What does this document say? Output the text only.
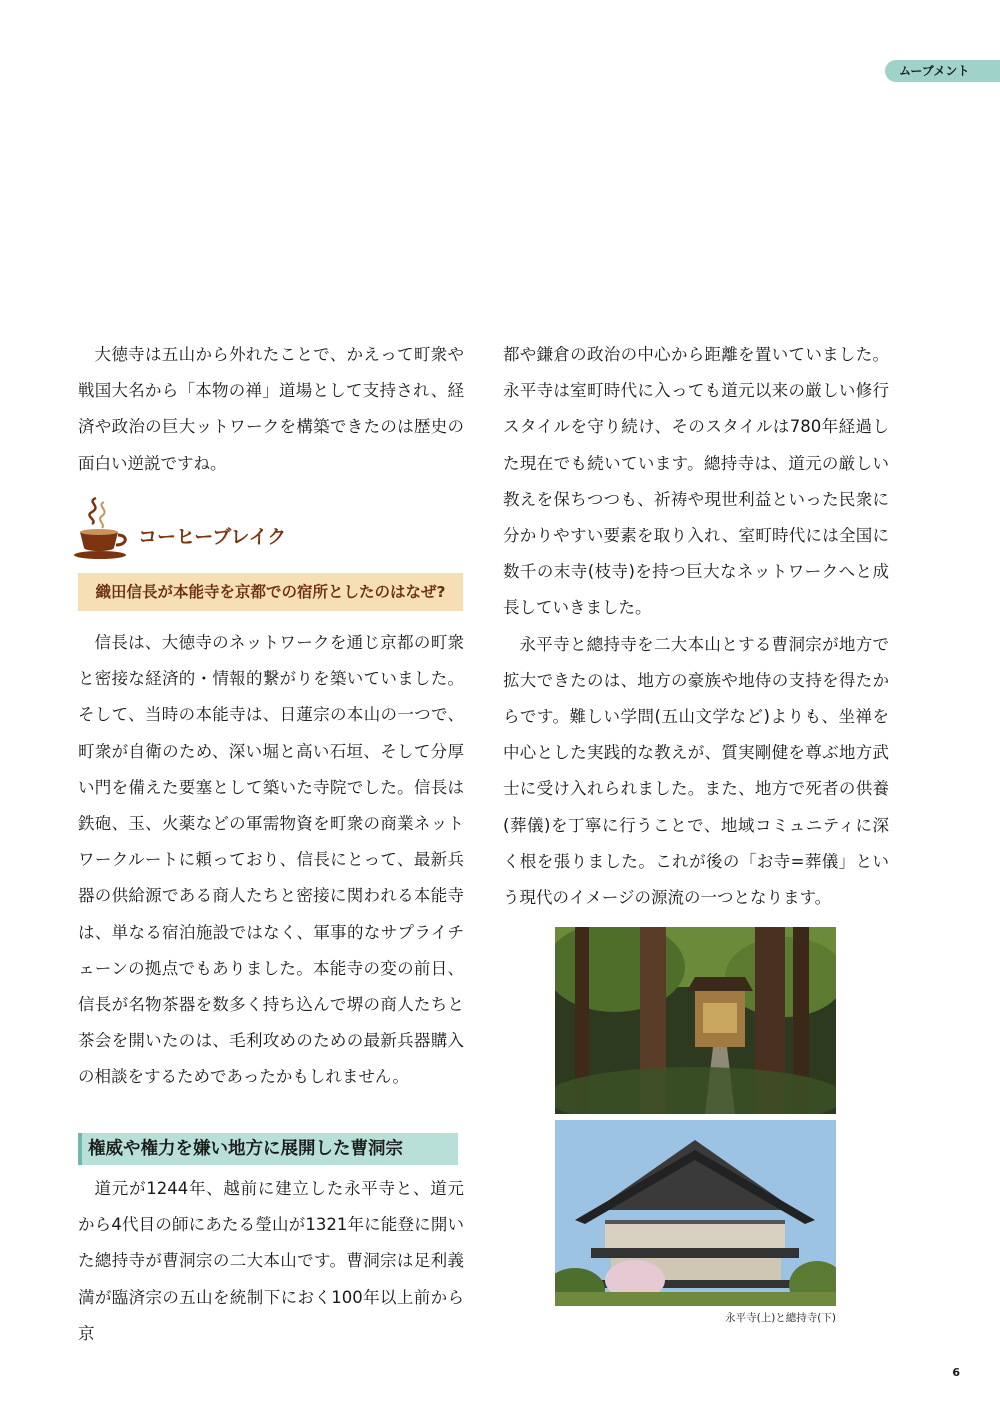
ムーブメント

大徳寺は五山から外れたことで、かえって町衆や戦国大名から「本物の禅」道場として支持され、経済や政治の巨大ットワークを構築できたのは歴史の面白い逆説ですね。

コーヒーブレイク
織田信長が本能寺を京都での宿所としたのはなぜ?

信長は、大徳寺のネットワークを通じ京都の町衆と密接な経済的・情報的繋がりを築いていました。そして、当時の本能寺は、日蓮宗の本山の一つで、町衆が自衛のため、深い堀と高い石垣、そして分厚い門を備えた要塞として築いた寺院でした。信長は鉄砲、玉、火薬などの軍需物資を町衆の商業ネットワークルートに頼っており、信長にとって、最新兵器の供給源である商人たちと密接に関われる本能寺は、単なる宿泊施設ではなく、軍事的なサプライチェーンの拠点でもありました。本能寺の変の前日、信長が名物茶器を数多く持ち込んで堺の商人たちと茶会を開いたのは、毛利攻めのための最新兵器購入の相談をするためであったかもしれません。

権威や権力を嫌い地方に展開した曹洞宗

道元が1244年、越前に建立した永平寺と、道元から4代目の師にあたる瑩山が1321年に能登に開いた總持寺が曹洞宗の二大本山です。曹洞宗は足利義満が臨済宗の五山を統制下におく100年以上前から京

都や鎌倉の政治の中心から距離を置いていました。永平寺は室町時代に入っても道元以来の厳しい修行スタイルを守り続け、そのスタイルは780年経過した現在でも続いています。總持寺は、道元の厳しい教えを保ちつつも、祈祷や現世利益といった民衆に分かりやすい要素を取り入れ、室町時代には全国に数千の末寺(枝寺)を持つ巨大なネットワークへと成長していきました。

永平寺と總持寺を二大本山とする曹洞宗が地方で拡大できたのは、地方の豪族や地侍の支持を得たからです。難しい学問(五山文学など)よりも、坐禅を中心とした実践的な教えが、質実剛健を尊ぶ地方武士に受け入れられました。また、地方で死者の供養(葬儀)を丁寧に行うことで、地域コミュニティに深く根を張りました。これが後の「お寺=葬儀」という現代のイメージの源流の一つとなります。

永平寺(上)と總持寺(下)
6
